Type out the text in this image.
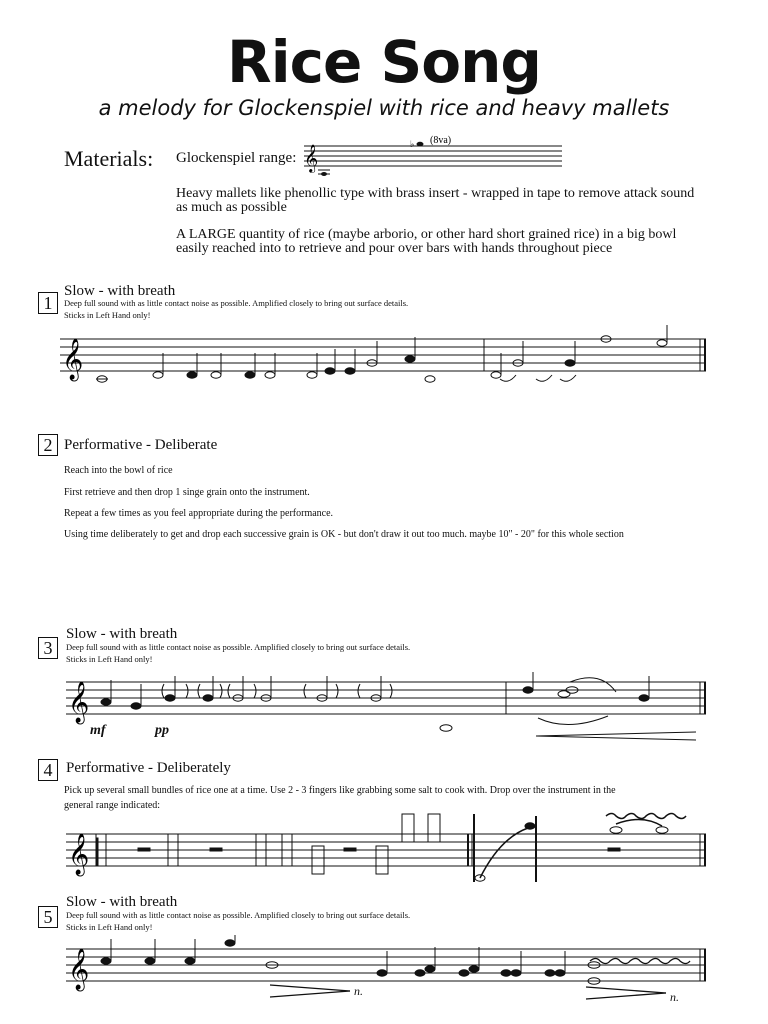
Rice Song
a melody for Glockenspiel with rice and heavy mallets
Materials: Glockenspiel range: 𝄞
♭ (8va)
Heavy mallets like phenollic type with brass insert - wrapped in tape to remove attack sound as much as possible
A LARGE quantity of rice (maybe arborio, or other hard short grained rice) in a big bowl easily reached into to retrieve and pour over bars with hands throughout piece
1
Slow - with breath
Deep full sound with as little contact noise as possible. Amplified closely to bring out surface details.
Sticks in Left Hand only!
𝄞
2 Performative - Deliberate
Reach into the bowl of rice
First retrieve and then drop 1 singe grain onto the instrument.
Repeat a few times as you feel appropriate during the performance.
Using time deliberately to get and drop each successive grain is OK - but don't draw it out too much. maybe 10" - 20" for this whole section
3
Slow - with breath
Deep full sound with as little contact noise as possible. Amplified closely to bring out surface details.
Sticks in Left Hand only!
𝄞
mf	pp
4 Performative - Deliberately
Pick up several small bundles of rice one at a time. Use 2 - 3 fingers like grabbing some salt to cook with. Drop over the instrument in the
general range indicated:
𝄞
5
Slow - with breath
Deep full sound with as little contact noise as possible. Amplified closely to bring out surface details.
Sticks in Left Hand only!
𝄞
n.	n.
